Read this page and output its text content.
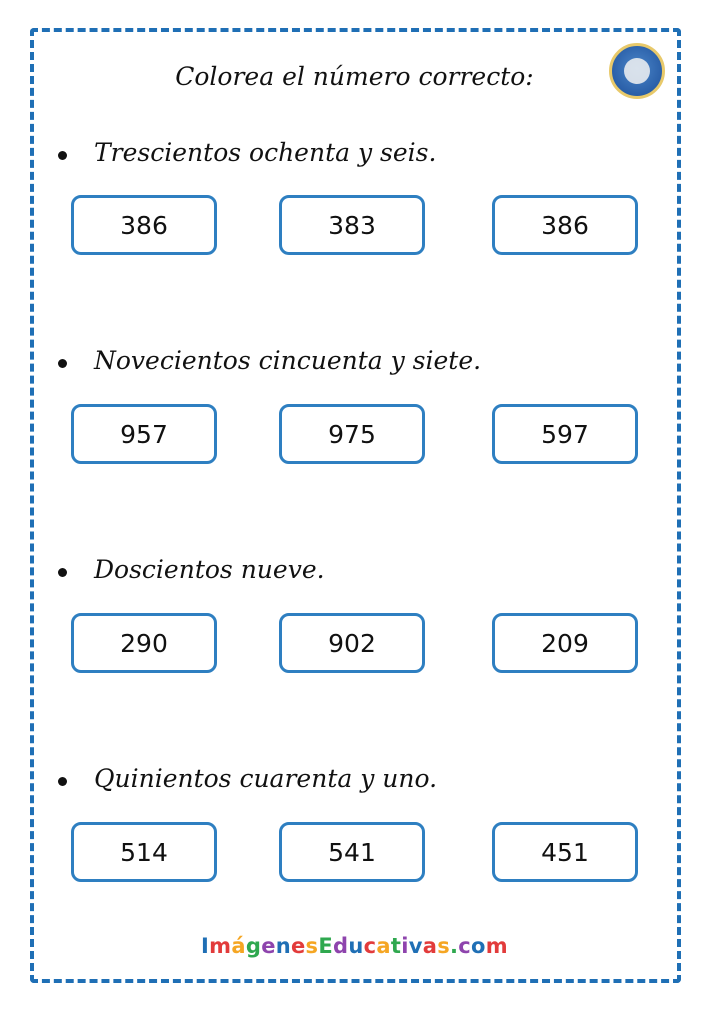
Colorea el número correcto:
Trescientos ochenta y seis.
386	383	386
Novecientos cincuenta y siete.
957	975	597
Doscientos nueve.
290	902	209
Quinientos cuarenta y uno.
514	541	451
ImágenesEducativas.com
